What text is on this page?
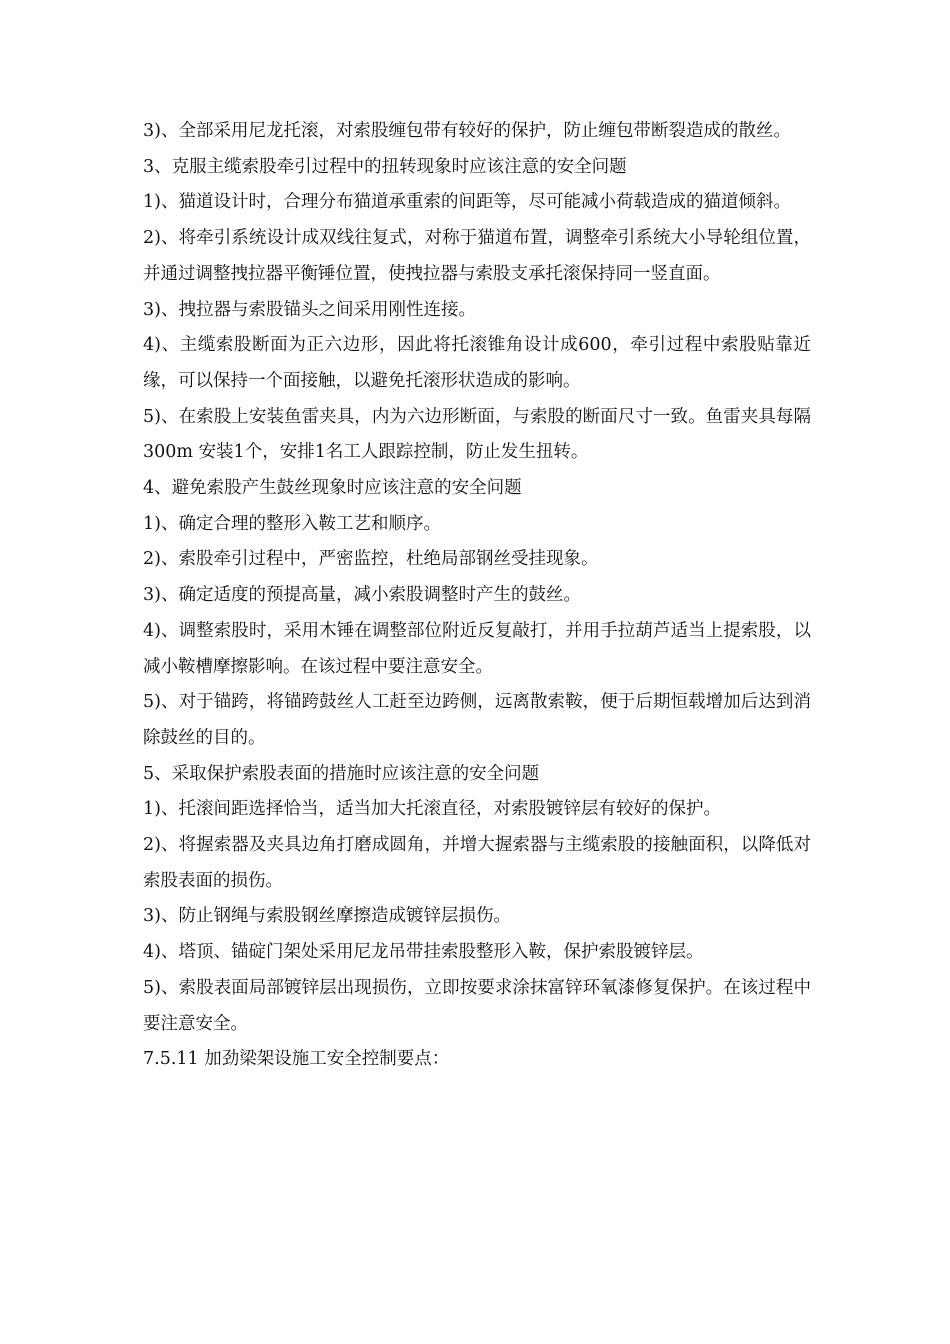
3)、全部采用尼龙托滚，对索股缠包带有较好的保护，防止缠包带断裂造成的散丝。

3、克服主缆索股牵引过程中的扭转现象时应该注意的安全问题

1)、猫道设计时，合理分布猫道承重索的间距等，尽可能减小荷载造成的猫道倾斜。

2)、将牵引系统设计成双线往复式，对称于猫道布置，调整牵引系统大小导轮组位置，并通过调整拽拉器平衡锤位置，使拽拉器与索股支承托滚保持同一竖直面。

3)、拽拉器与索股锚头之间采用刚性连接。

4)、主缆索股断面为正六边形，因此将托滚锥角设计成600，牵引过程中索股贴靠近缘，可以保持一个面接触，以避免托滚形状造成的影响。

5)、在索股上安装鱼雷夹具，内为六边形断面，与索股的断面尺寸一致。鱼雷夹具每隔300m 安装1个，安排1名工人跟踪控制，防止发生扭转。

4、避免索股产生鼓丝现象时应该注意的安全问题

1)、确定合理的整形入鞍工艺和顺序。

2)、索股牵引过程中，严密监控，杜绝局部钢丝受挂现象。

3)、确定适度的预提高量，减小索股调整时产生的鼓丝。

4)、调整索股时，采用木锤在调整部位附近反复敲打，并用手拉葫芦适当上提索股，以减小鞍槽摩擦影响。在该过程中要注意安全。

5)、对于锚跨，将锚跨鼓丝人工赶至边跨侧，远离散索鞍，便于后期恒载增加后达到消除鼓丝的目的。

5、采取保护索股表面的措施时应该注意的安全问题

1)、托滚间距选择恰当，适当加大托滚直径，对索股镀锌层有较好的保护。

2)、将握索器及夹具边角打磨成圆角，并增大握索器与主缆索股的接触面积，以降低对索股表面的损伤。

3)、防止钢绳与索股钢丝摩擦造成镀锌层损伤。

4)、塔顶、锚碇门架处采用尼龙吊带挂索股整形入鞍，保护索股镀锌层。

5)、索股表面局部镀锌层出现损伤，立即按要求涂抹富锌环氧漆修复保护。在该过程中要注意安全。

7.5.11 加劲梁架设施工安全控制要点：
